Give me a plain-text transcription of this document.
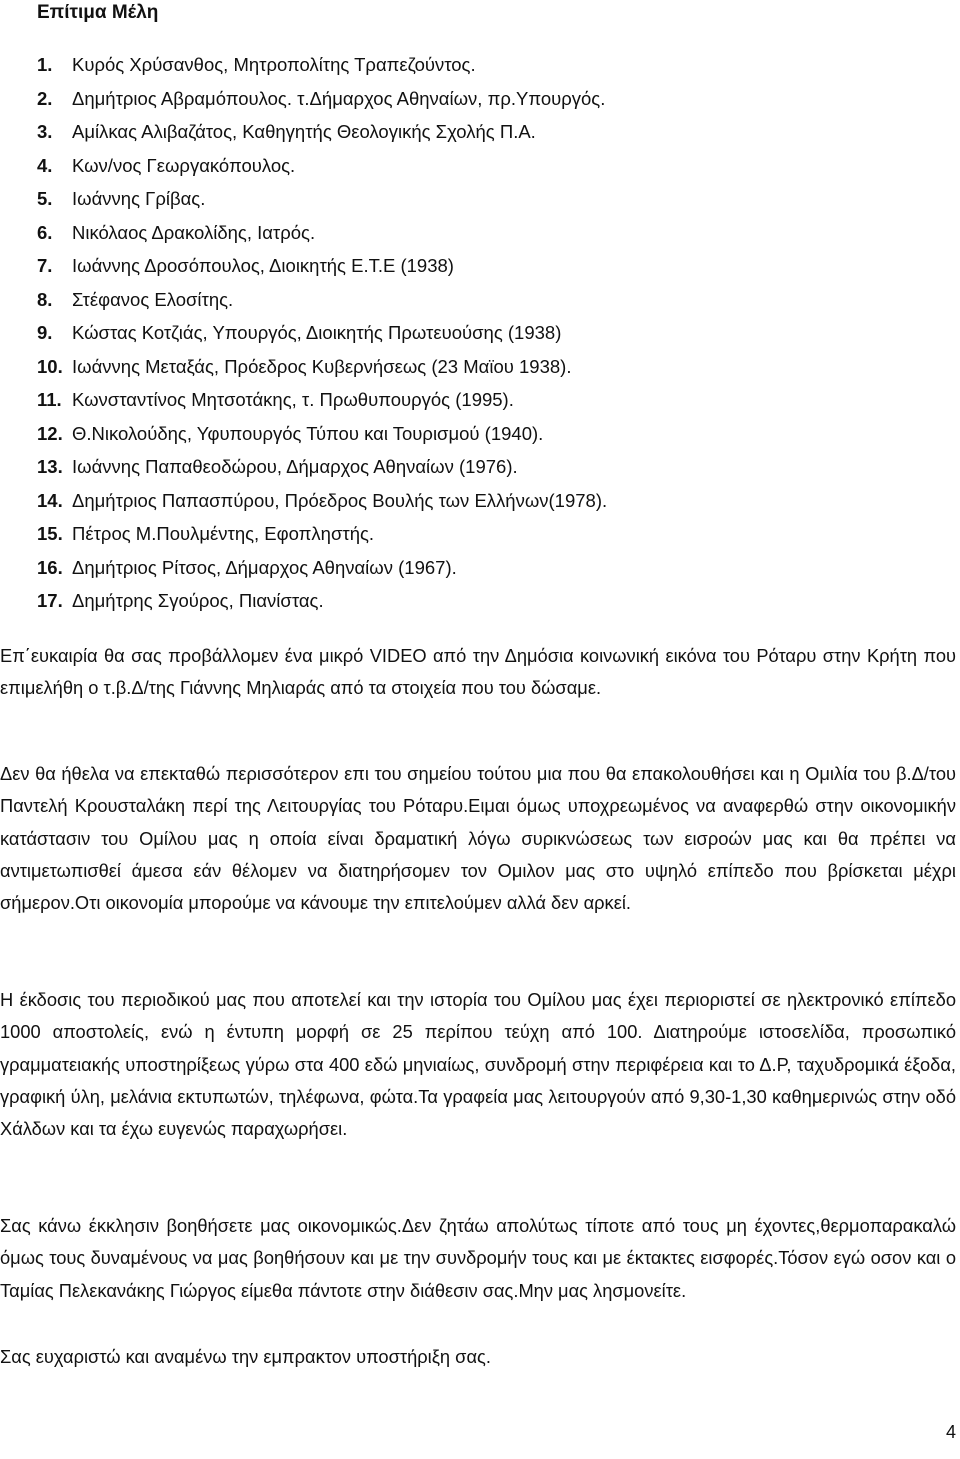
Επίτιμα Μέλη
1. Κυρός Χρύσανθος, Μητροπολίτης Τραπεζούντος.
2. Δημήτριος Αβραμόπουλος. τ.Δήμαρχος Αθηναίων, πρ.Υπουργός.
3. Αμίλκας Αλιβαζάτος, Καθηγητής Θεολογικής Σχολής Π.Α.
4. Κων/νος Γεωργακόπουλος.
5. Ιωάννης Γρίβας.
6. Νικόλαος Δρακολίδης, Ιατρός.
7. Ιωάννης Δροσόπουλος, Διοικητής Ε.Τ.Ε (1938)
8. Στέφανος Ελοσίτης.
9. Κώστας Κοτζιάς, Υπουργός, Διοικητής Πρωτευούσης (1938)
10. Ιωάννης Μεταξάς, Πρόεδρος Κυβερνήσεως (23 Μαϊου 1938).
11. Κωνσταντίνος Μητσοτάκης, τ. Πρωθυπουργός (1995).
12. Θ.Νικολούδης, Υφυπουργός Τύπου και Τουρισμού (1940).
13. Ιωάννης Παπαθεοδώρου, Δήμαρχος Αθηναίων (1976).
14. Δημήτριος Παπασπύρου, Πρόεδρος Βουλής των Ελλήνων(1978).
15. Πέτρος Μ.Πουλμέντης, Εφοπληστής.
16. Δημήτριος Ρίτσος, Δήμαρχος Αθηναίων (1967).
17. Δημήτρης Σγούρος, Πιανίστας.

Επ΄ευκαιρία θα σας προβάλλομεν ένα μικρό VIDEO από την Δημόσια κοινωνική εικόνα του Ρόταρυ στην Κρήτη που επιμελήθη ο τ.β.Δ/της Γιάννης Μηλιαράς από τα στοιχεία που του δώσαμε.

Δεν θα ήθελα να επεκταθώ περισσότερον επι του σημείου τούτου μια που θα επακολουθήσει και η Ομιλία του β.Δ/του Παντελή Κρουσταλάκη περί της Λειτουργίας του Ρόταρυ.Ειμαι όμως υποχρεωμένος να αναφερθώ στην οικονομικήν κατάστασιν του Ομίλου μας η οποία είναι δραματική λόγω συρικνώσεως των εισροών μας και θα πρέπει να αντιμετωπισθεί άμεσα εάν θέλομεν να διατηρήσομεν τον Ομιλον μας στο υψηλό επίπεδο που βρίσκεται μέχρι σήμερον.Οτι οικονομία μπορούμε να κάνουμε την επιτελούμεν αλλά δεν αρκεί.

Η έκδοσις του περιοδικού μας που αποτελεί και την ιστορία του Ομίλου μας έχει περιοριστεί σε ηλεκτρονικό επίπεδο 1000 αποστολείς, ενώ η έντυπη μορφή σε 25 περίπου τεύχη από 100. Διατηρούμε ιστοσελίδα, προσωπικό γραμματειακής υποστηρίξεως γύρω στα 400 εδώ μηνιαίως, συνδρομή στην περιφέρεια και το Δ.Ρ, ταχυδρομικά έξοδα, γραφική ύλη, μελάνια εκτυπωτών, τηλέφωνα, φώτα.Τα γραφεία μας λειτουργούν από 9,30-1,30 καθημερινώς στην οδό Χάλδων και τα έχω ευγενώς παραχωρήσει.

Σας κάνω έκκλησιν βοηθήσετε μας οικονομικώς.Δεν ζητάω απολύτως τίποτε από τους μη έχοντες,θερμοπαρακαλώ όμως τους δυναμένους να μας βοηθήσουν και με την συνδρομήν τους και με έκτακτες εισφορές.Τόσον εγώ οσον και ο Ταμίας Πελεκανάκης Γιώργος είμεθα πάντοτε στην διάθεσιν σας.Μην μας λησμονείτε.

Σας ευχαριστώ και αναμένω την εμπρακτον υποστήριξη σας.

4
